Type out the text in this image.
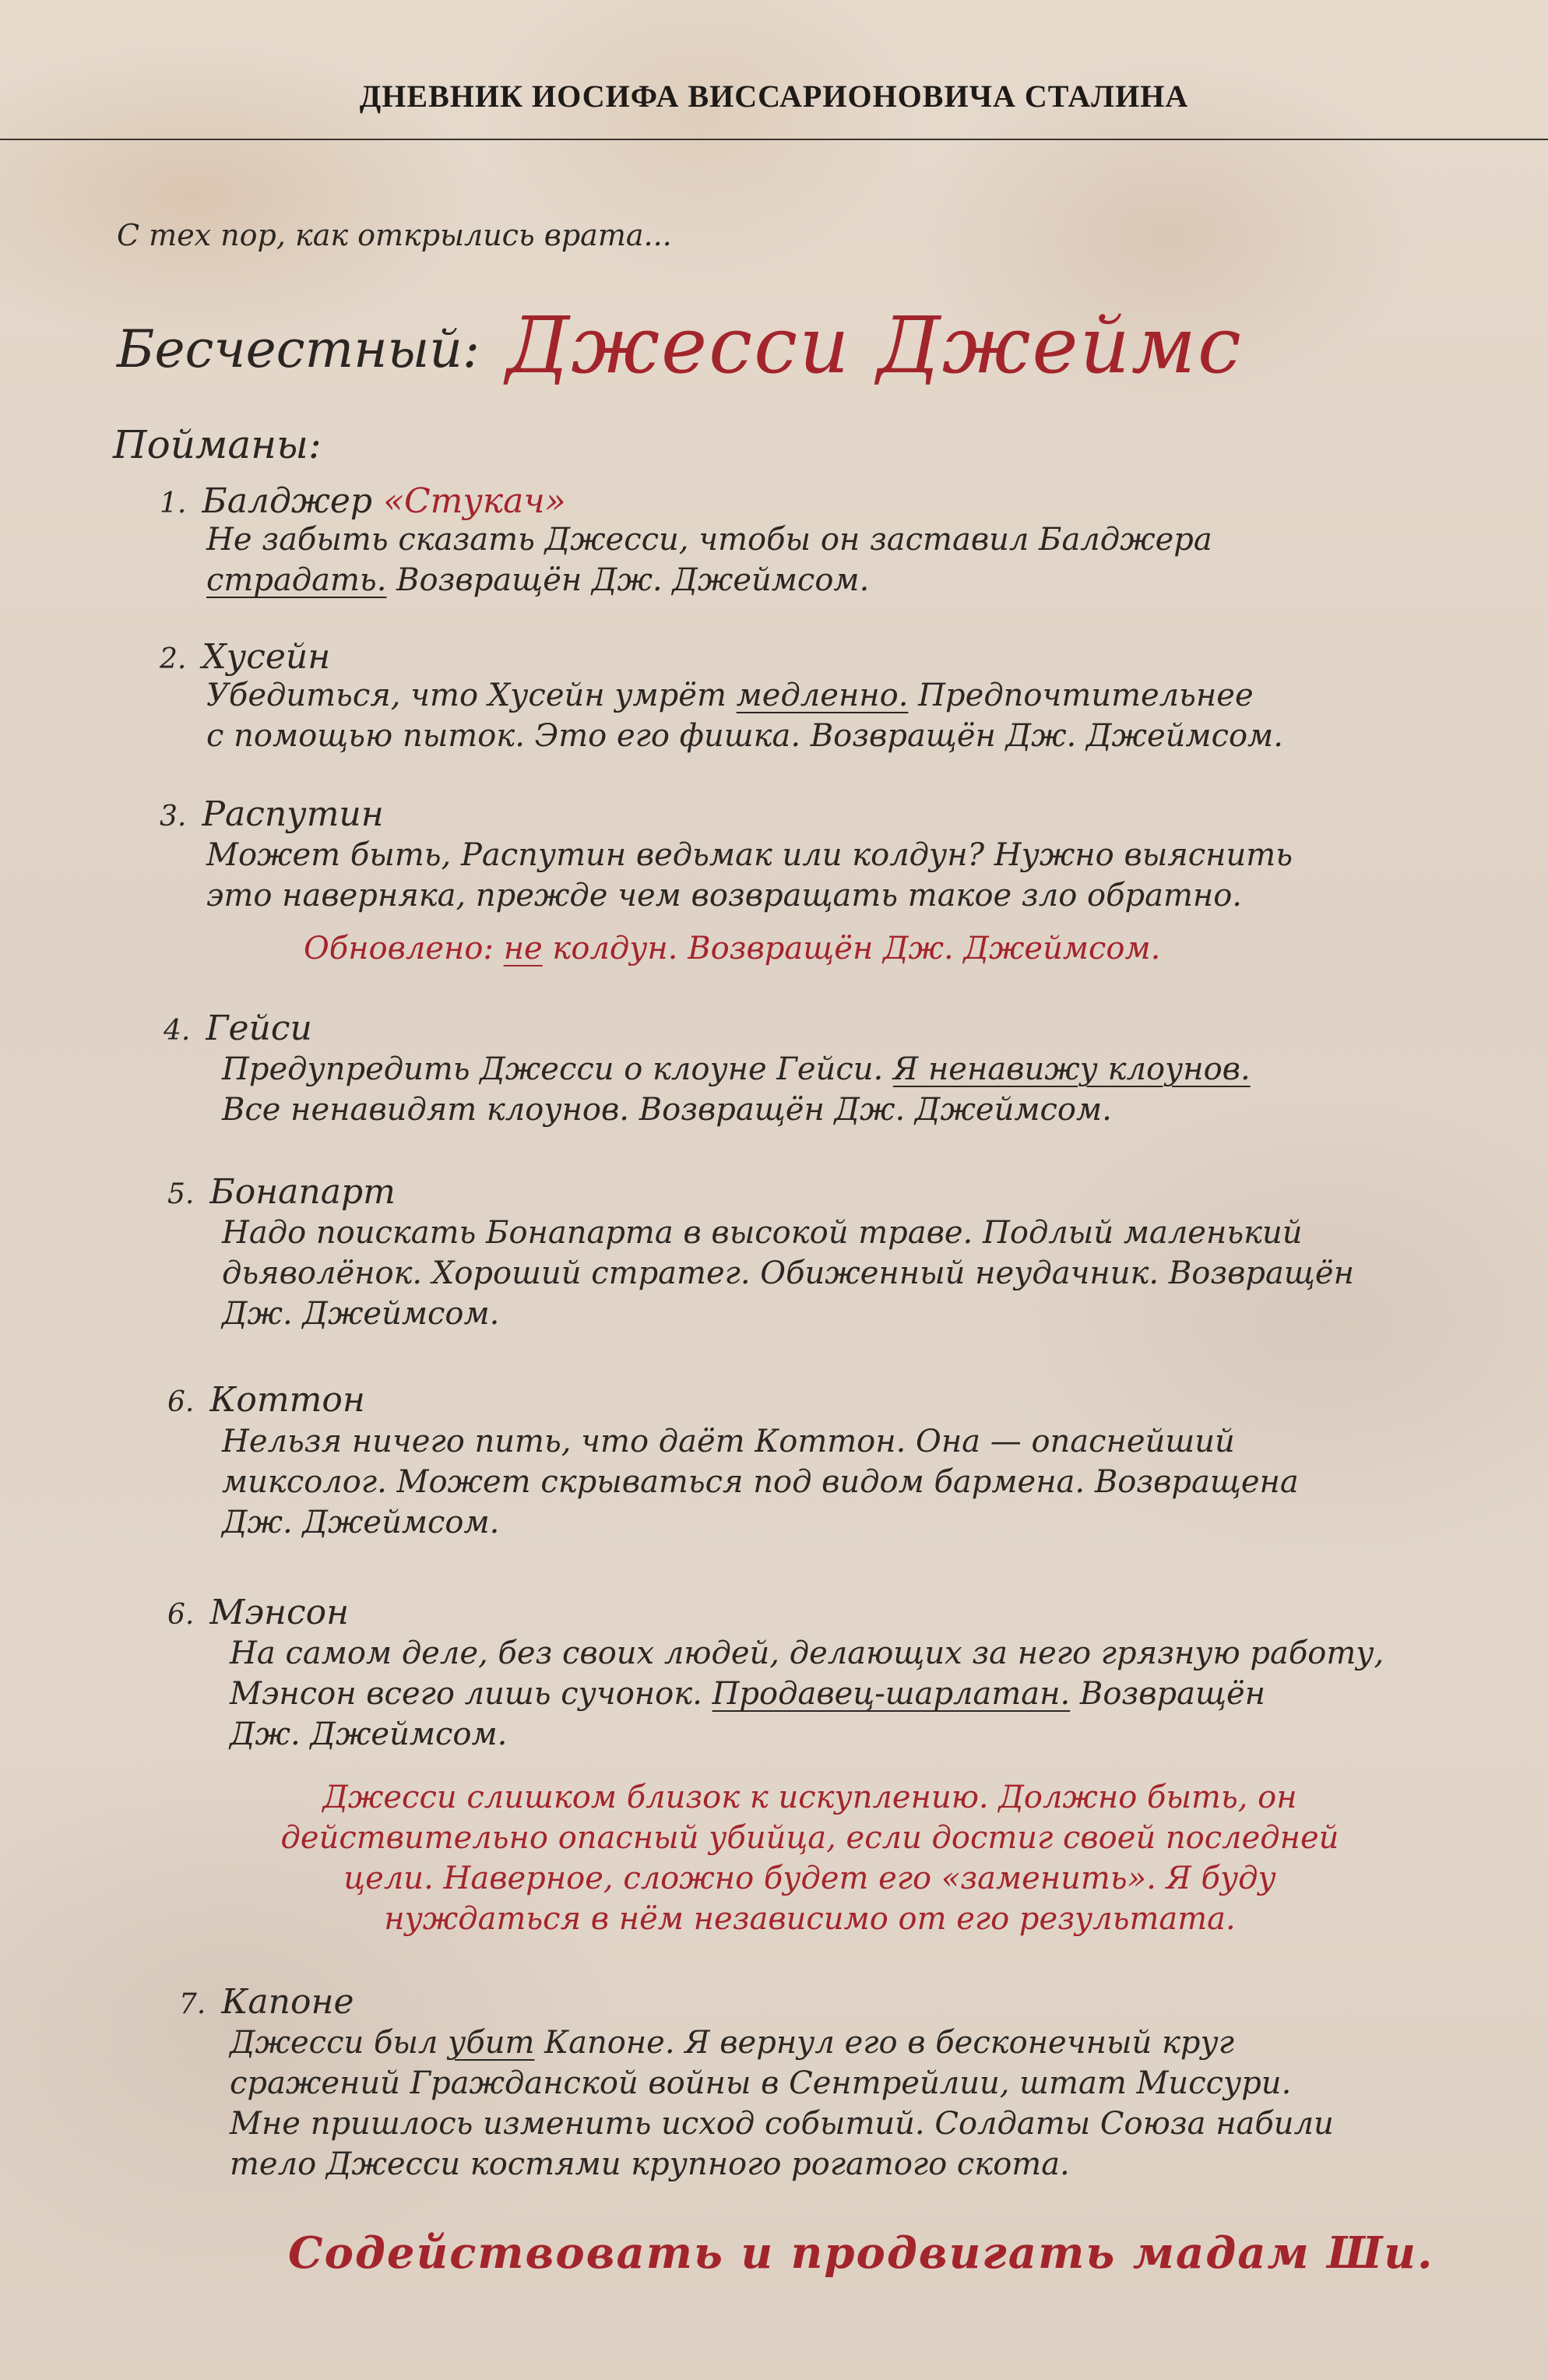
ДНЕВНИК ИОСИФА ВИССАРИОНОВИЧА СТАЛИНА
С тех пор, как открылись врата...
Бесчестный: Джесси Джеймс
Пойманы:
1. Балджер «Стукач»
Не забыть сказать Джесси, чтобы он заставил Балджера
страдать. Возвращён Дж. Джеймсом.
2. Хусейн
Убедиться, что Хусейн умрёт медленно. Предпочтительнее
с помощью пыток. Это его фишка. Возвращён Дж. Джеймсом.
3. Распутин
Может быть, Распутин ведьмак или колдун? Нужно выяснить
это наверняка, прежде чем возвращать такое зло обратно.
Обновлено: не колдун. Возвращён Дж. Джеймсом.
4. Гейси
Предупредить Джесси о клоуне Гейси. Я ненавижу клоунов.
Все ненавидят клоунов. Возвращён Дж. Джеймсом.
5. Бонапарт
Надо поискать Бонапарта в высокой траве. Подлый маленький
дьяволёнок. Хороший стратег. Обиженный неудачник. Возвращён
Дж. Джеймсом.
6. Коттон
Нельзя ничего пить, что даёт Коттон. Она — опаснейший
миксолог. Может скрываться под видом бармена. Возвращена
Дж. Джеймсом.
6. Мэнсон
На самом деле, без своих людей, делающих за него грязную работу,
Мэнсон всего лишь сучонок. Продавец-шарлатан. Возвращён
Дж. Джеймсом.
Джесси слишком близок к искуплению. Должно быть, он
действительно опасный убийца, если достиг своей последней
цели. Наверное, сложно будет его «заменить». Я буду
нуждаться в нём независимо от его результата.
7. Капоне
Джесси был убит Капоне. Я вернул его в бесконечный круг
сражений Гражданской войны в Сентрейлии, штат Миссури.
Мне пришлось изменить исход событий. Солдаты Союза набили
тело Джесси костями крупного рогатого скота.
Содействовать и продвигать мадам Ши.
